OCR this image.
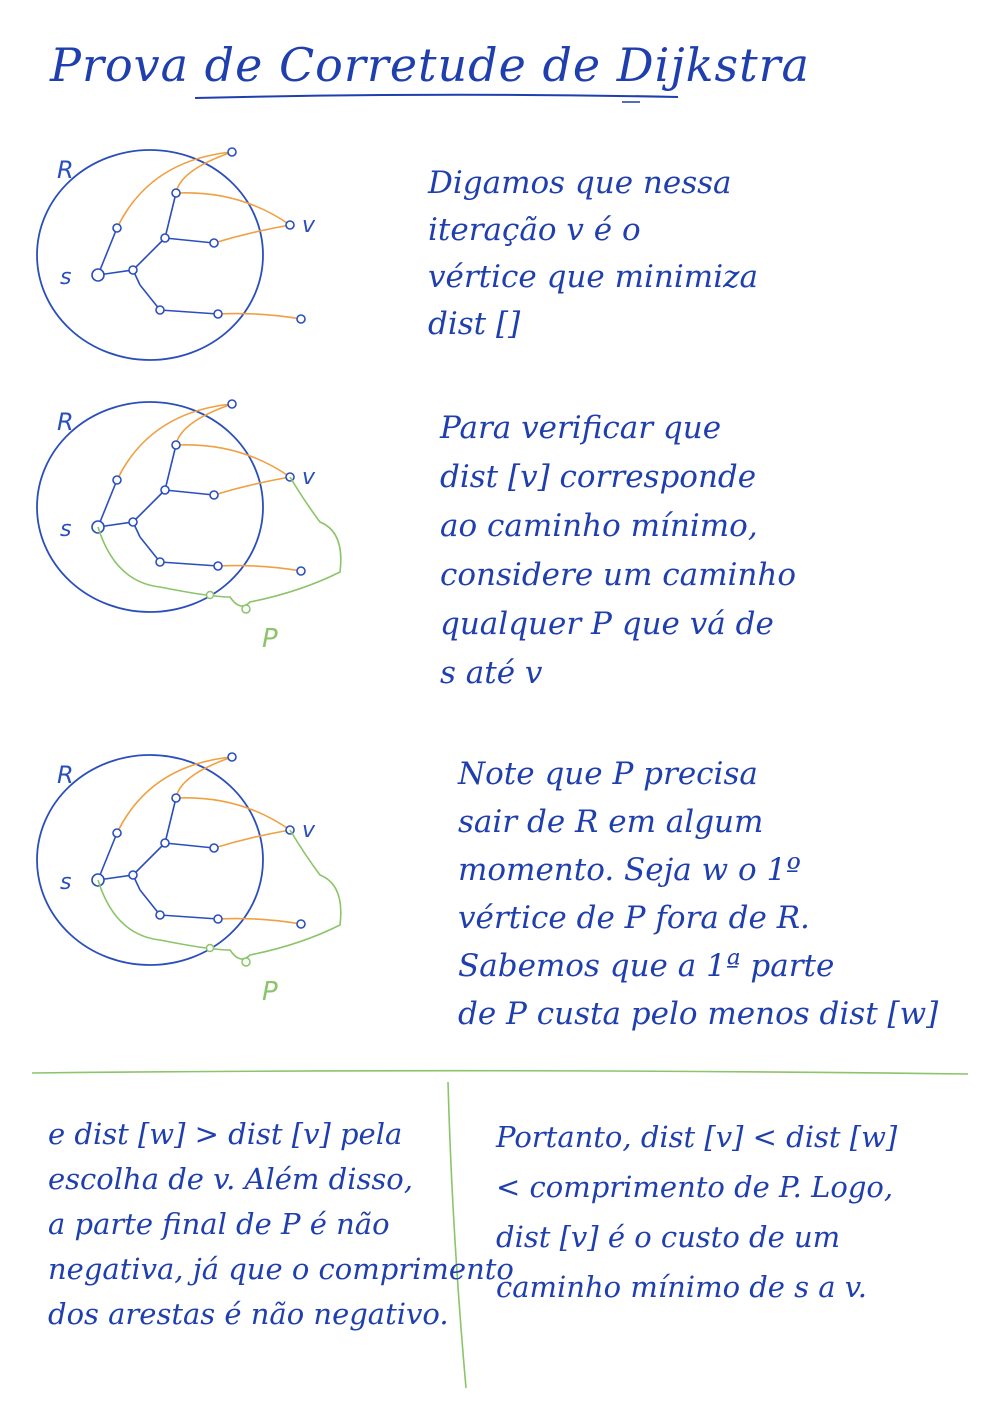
Prova de Corretude de Dijkstra
R
s
v
R
s
v
P
R
s
v
P
Digamos que nessa
iteração v é o
vértice que minimiza
dist []
Para verificar que
dist [v] corresponde
ao caminho mínimo,
considere um caminho
qualquer P que vá de
s até v
Note que P precisa
sair de R em algum
momento. Seja w o 1º
vértice de P fora de R.
Sabemos que a 1ª parte
de P custa pelo menos dist [w]
e dist [w] > dist [v] pela
escolha de v. Além disso,
a parte final de P é não
negativa, já que o comprimento
dos arestas é não negativo.
Portanto, dist [v] < dist [w]
< comprimento de P. Logo,
dist [v] é o custo de um
caminho mínimo de s a v.
